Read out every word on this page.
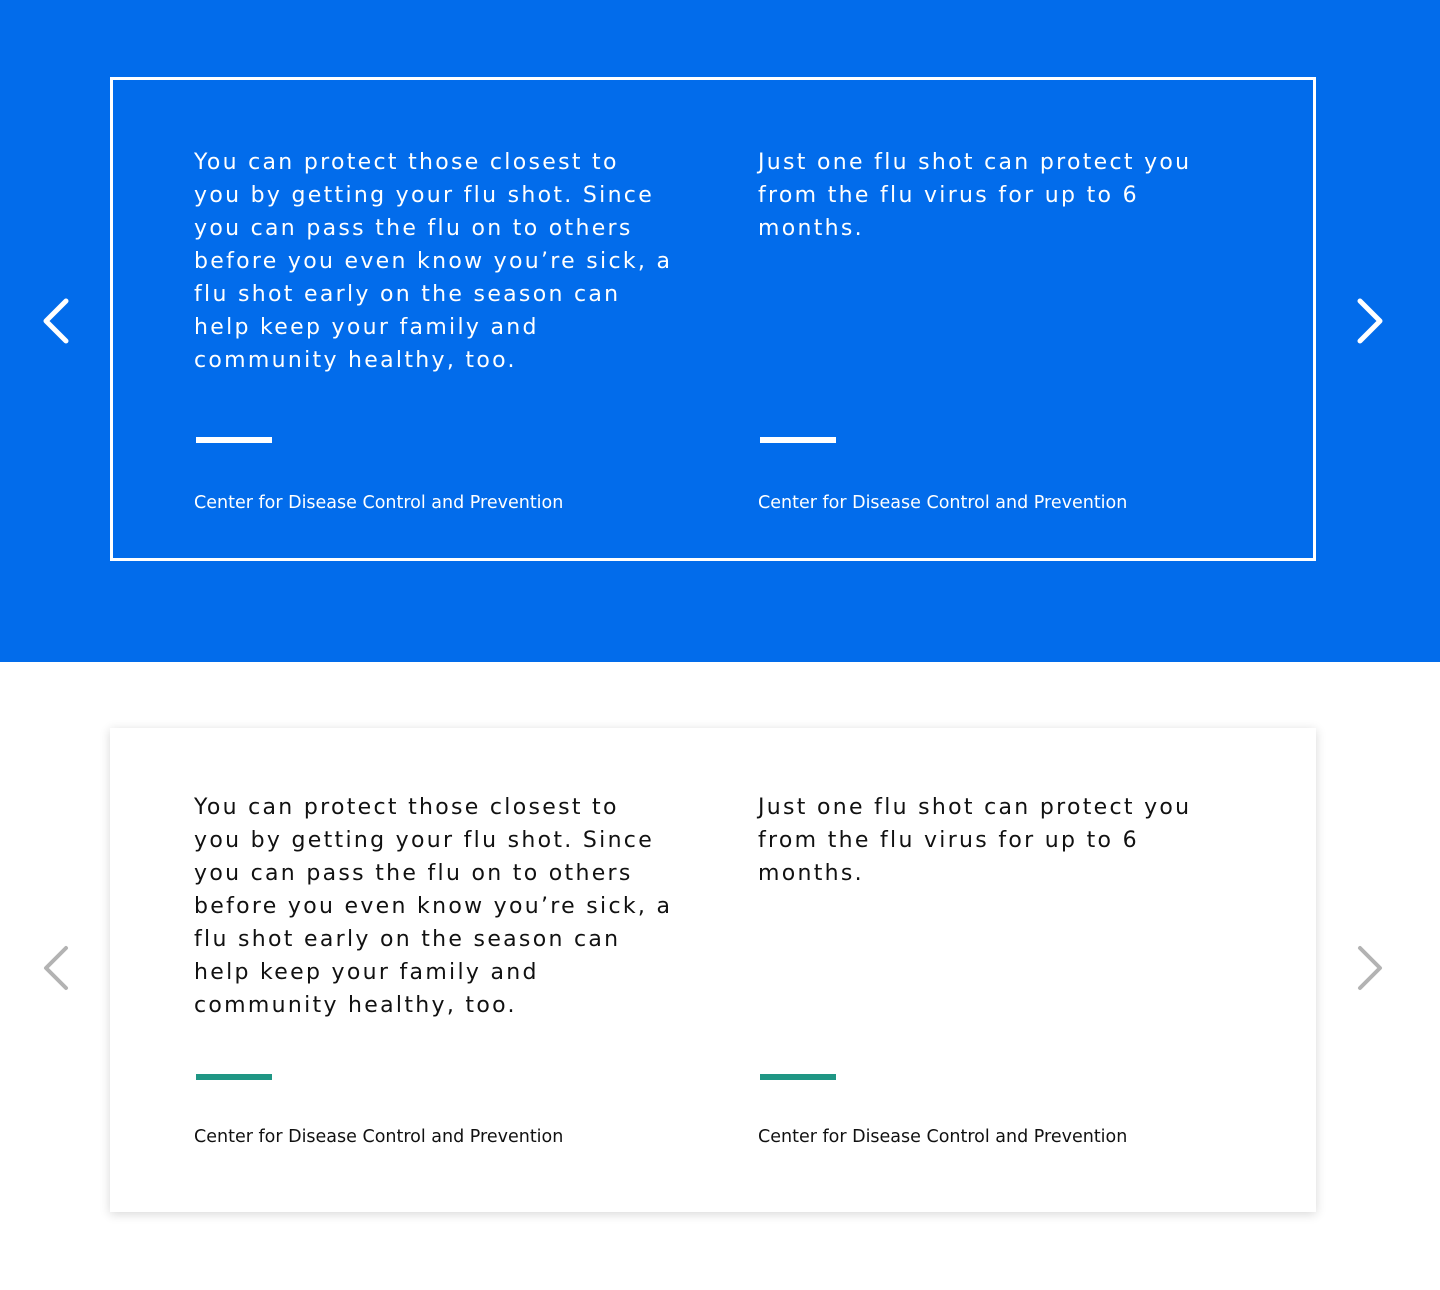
You can protect those closest to
you by getting your flu shot. Since
you can pass the flu on to others
before you even know you’re sick, a
flu shot early on the season can
help keep your family and
community healthy, too.

Center for Disease Control and Prevention

Just one flu shot can protect you
from the flu virus for up to 6
months.

Center for Disease Control and Prevention

You can protect those closest to
you by getting your flu shot. Since
you can pass the flu on to others
before you even know you’re sick, a
flu shot early on the season can
help keep your family and
community healthy, too.

Center for Disease Control and Prevention

Just one flu shot can protect you
from the flu virus for up to 6
months.

Center for Disease Control and Prevention
